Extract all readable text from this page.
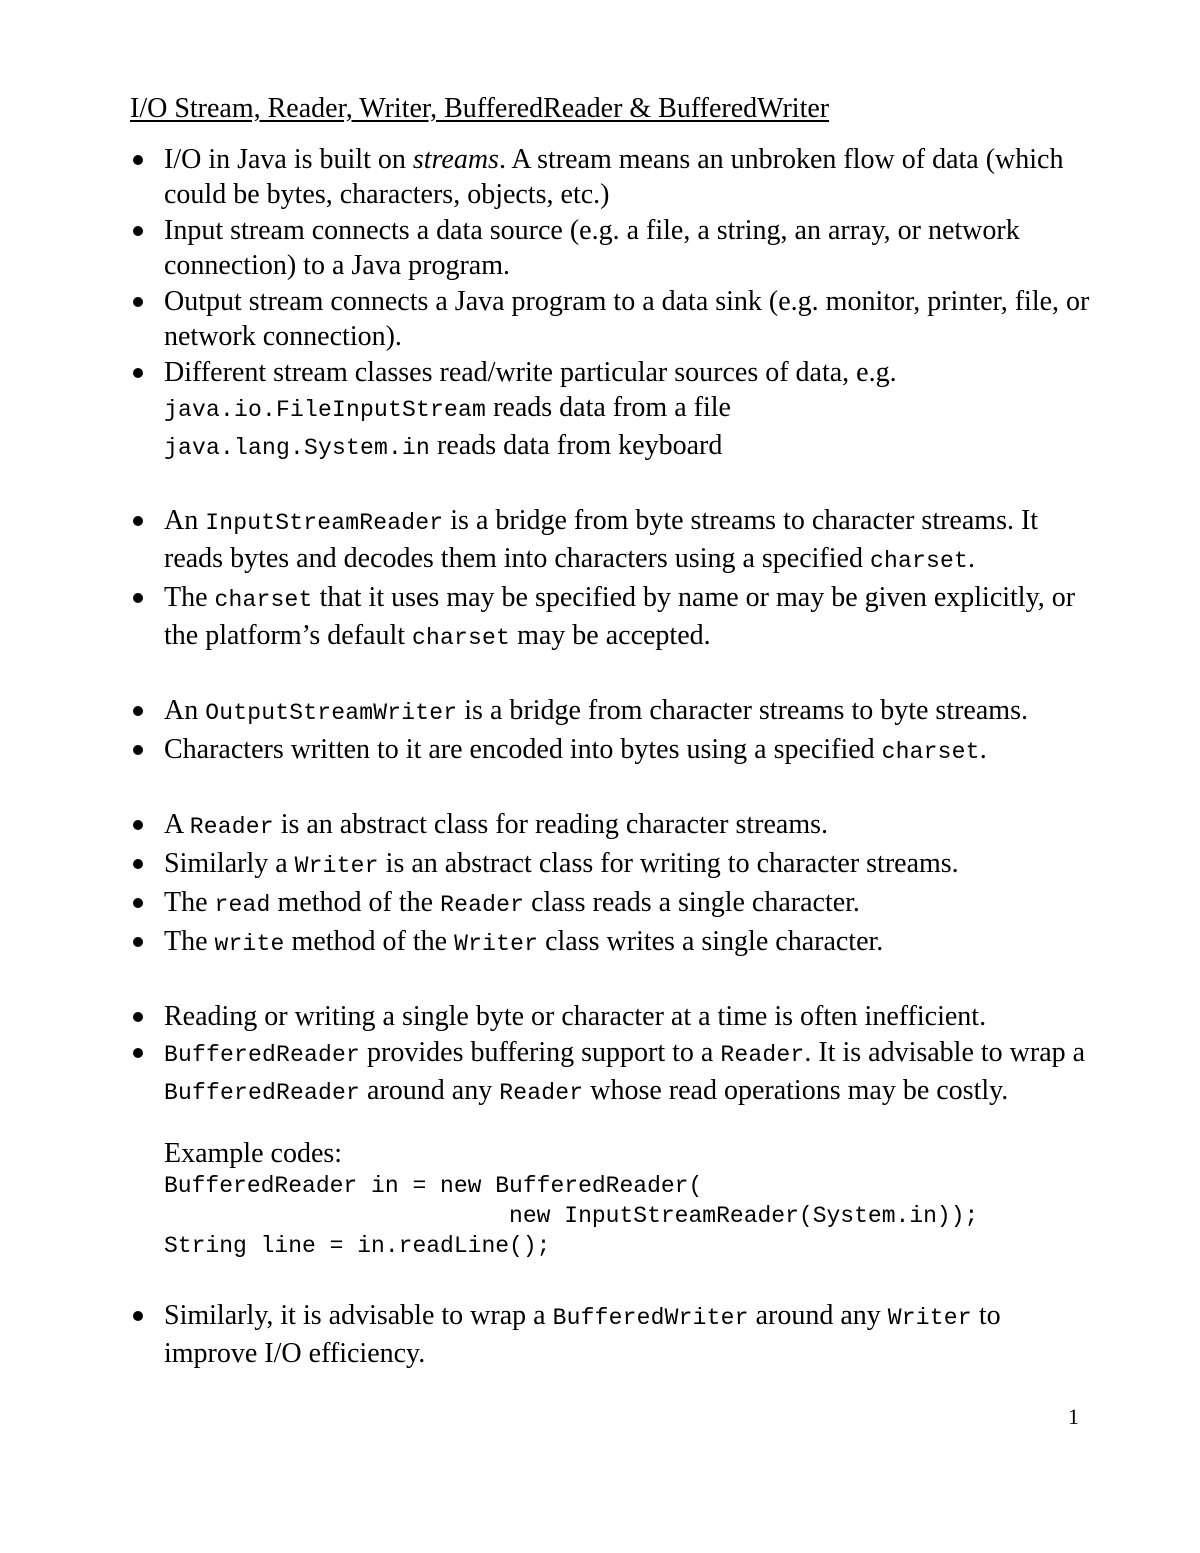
I/O Stream, Reader, Writer, BufferedReader & BufferedWriter
I/O in Java is built on streams. A stream means an unbroken flow of data (which could be bytes, characters, objects, etc.)
Input stream connects a data source (e.g. a file, a string, an array, or network connection) to a Java program.
Output stream connects a Java program to a data sink (e.g. monitor, printer, file, or network connection).
Different stream classes read/write particular sources of data, e.g.
java.io.FileInputStream reads data from a file
java.lang.System.in reads data from keyboard
An InputStreamReader is a bridge from byte streams to character streams. It reads bytes and decodes them into characters using a specified charset.
The charset that it uses may be specified by name or may be given explicitly, or the platform’s default charset may be accepted.
An OutputStreamWriter is a bridge from character streams to byte streams.
Characters written to it are encoded into bytes using a specified charset.
A Reader is an abstract class for reading character streams.
Similarly a Writer is an abstract class for writing to character streams.
The read method of the Reader class reads a single character.
The write method of the Writer class writes a single character.
Reading or writing a single byte or character at a time is often inefficient.
BufferedReader provides buffering support to a Reader. It is advisable to wrap a BufferedReader around any Reader whose read operations may be costly.
Example codes:
BufferedReader in = new BufferedReader(
new InputStreamReader(System.in));
String line = in.readLine();
Similarly, it is advisable to wrap a BufferedWriter around any Writer to improve I/O efficiency.
1
